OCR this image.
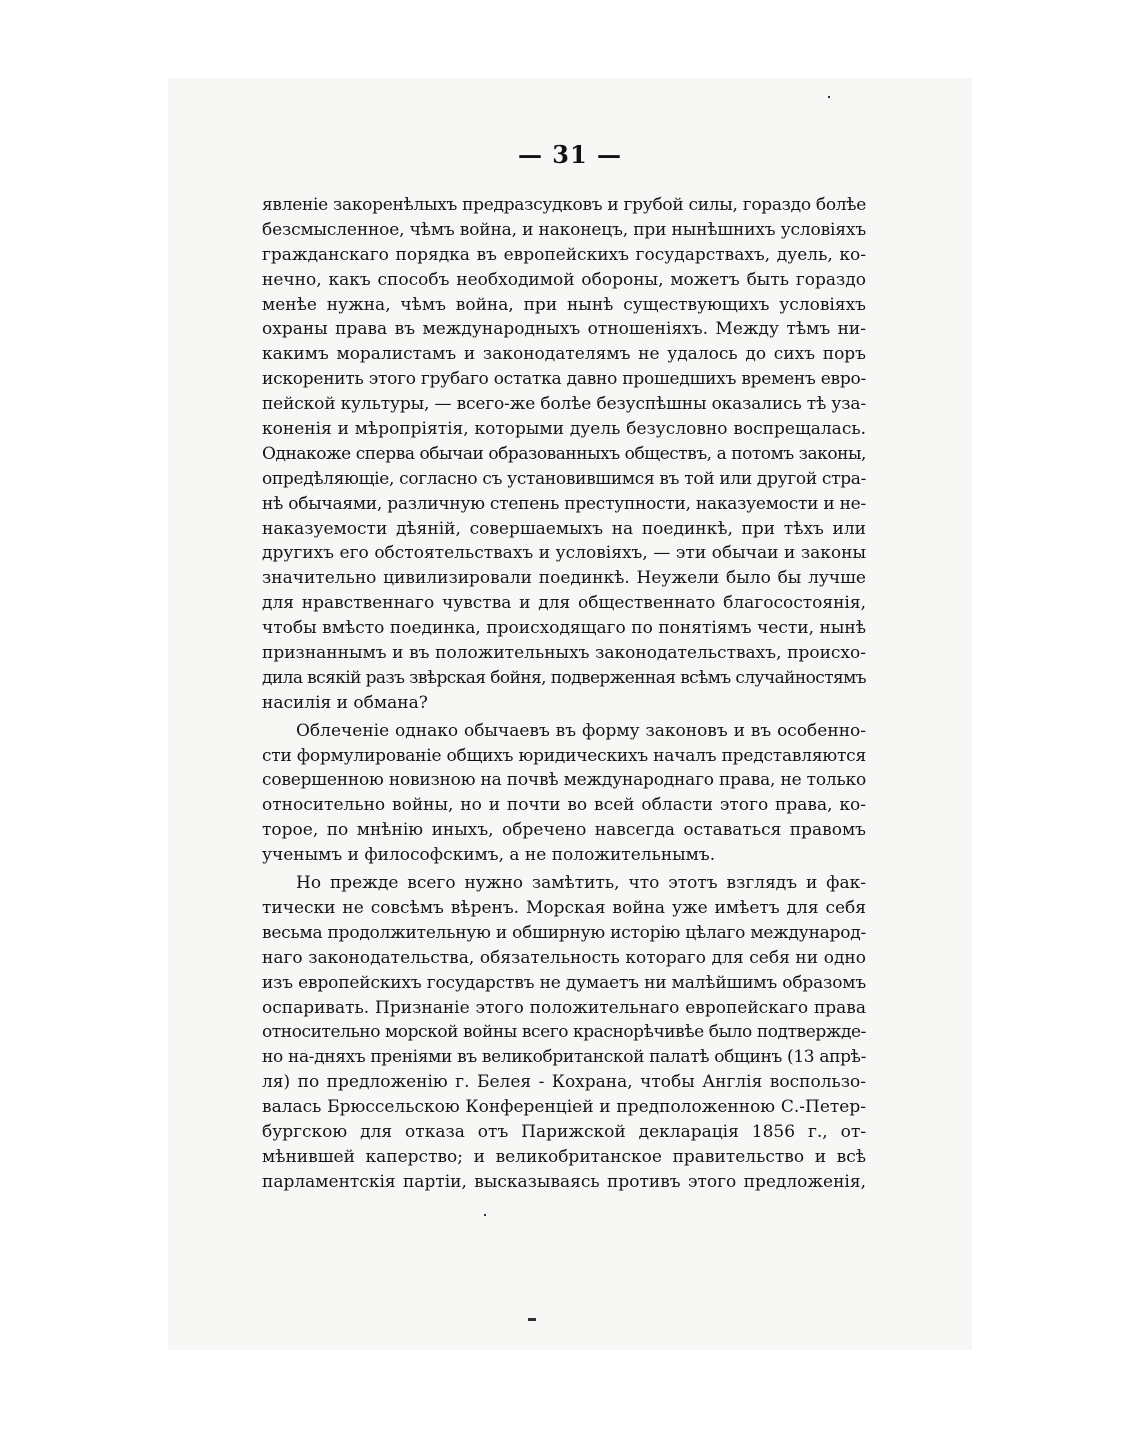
— 31 —
явленіе закоренѣлыхъ предразсудковъ и грубой силы, гораздо болѣе
безсмысленное, чѣмъ война, и наконецъ, при нынѣшнихъ условіяхъ
гражданскаго порядка въ европейскихъ государствахъ, дуель, ко-
нечно, какъ способъ необходимой обороны, можетъ быть гораздо
менѣе нужна, чѣмъ война, при нынѣ существующихъ условіяхъ
охраны права въ международныхъ отношеніяхъ. Между тѣмъ ни-
какимъ моралистамъ и законодателямъ не удалось до сихъ поръ
искоренить этого грубаго остатка давно прошедшихъ временъ евро-
пейской культуры, — всего-же болѣе безуспѣшны оказались тѣ уза-
коненія и мѣропріятія, которыми дуель безусловно воспрещалась.
Однакоже сперва обычаи образованныхъ обществъ, а потомъ законы,
опредѣляющіе, согласно съ установившимся въ той или другой стра-
нѣ обычаями, различную степень преступности, наказуемости и не-
наказуемости дѣяній, совершаемыхъ на поединкѣ, при тѣхъ или
другихъ его обстоятельствахъ и условіяхъ, — эти обычаи и законы
значительно цивилизировали поединкѣ. Неужели было бы лучше
для нравственнаго чувства и для общественнато благосостоянія,
чтобы вмѣсто поединка, происходящаго по понятіямъ чести, нынѣ
признаннымъ и въ положительныхъ законодательствахъ, происхо-
дила всякій разъ звѣрская бойня, подверженная всѣмъ случайностямъ
насилія и обмана?
Облеченіе однако обычаевъ въ форму законовъ и въ особенно-
сти формулированіе общихъ юридическихъ началъ представляются
совершенною новизною на почвѣ международнаго права, не только
относительно войны, но и почти во всей области этого права, ко-
торое, по мнѣнію иныхъ, обречено навсегда оставаться правомъ
ученымъ и философскимъ, а не положительнымъ.
Но прежде всего нужно замѣтить, что этотъ взглядъ и фак-
тически не совсѣмъ вѣренъ. Морская война уже имѣетъ для себя
весьма продолжительную и обширную исторію цѣлаго международ-
наго законодательства, обязательность котораго для себя ни одно
изъ европейскихъ государствъ не думаетъ ни малѣйшимъ образомъ
оспаривать. Признаніе этого положительнаго европейскаго права
относительно морской войны всего краснорѣчивѣе было подтвержде-
но на-дняхъ преніями въ великобританской палатѣ общинъ (13 апрѣ-
ля) по предложенію г. Белея - Кохрана, чтобы Англія воспользо-
валась Брюссельскою Конференціей и предположенною С.-Петер-
бургскою для отказа отъ Парижской декларація 1856 г., от-
мѣнившей каперство; и великобританское правительство и всѣ
парламентскія партіи, высказываясь противъ этого предложенія,
